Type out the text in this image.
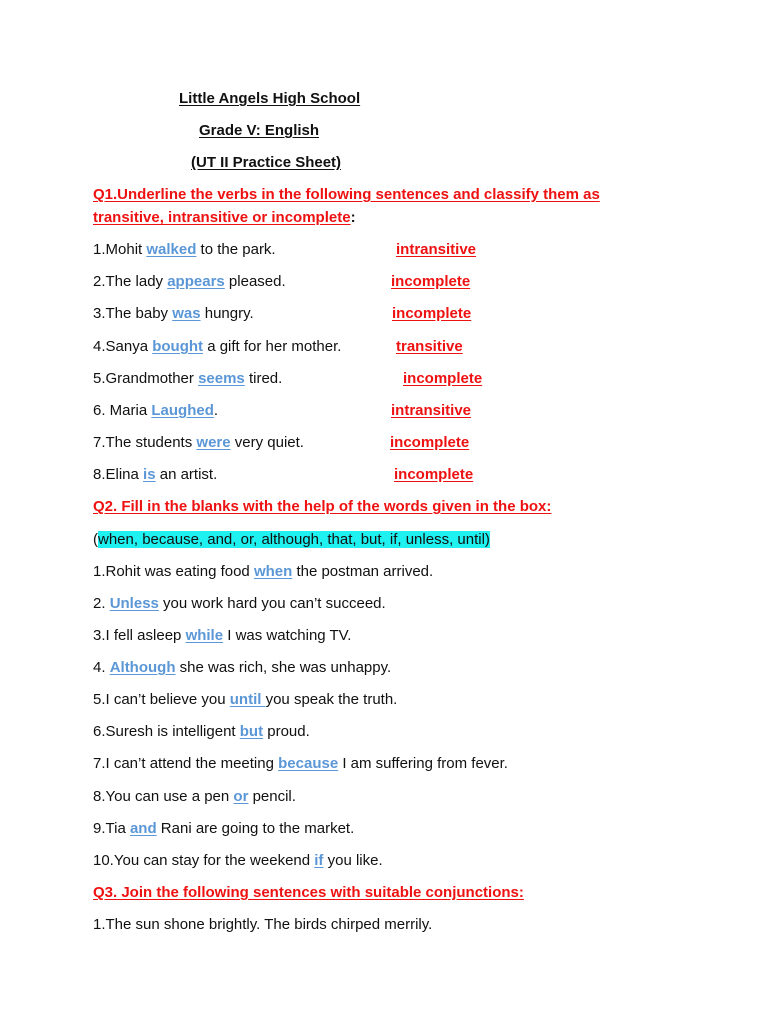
Little Angels High School
Grade V: English
(UT II Practice Sheet)
Q1.Underline the verbs in the following sentences and classify them as
transitive, intransitive or incomplete:
1.Mohit walked to the park.	intransitive
2.The lady appears pleased.	incomplete
3.The baby was hungry.	incomplete
4.Sanya bought a gift for her mother.	transitive
5.Grandmother seems tired.	incomplete
6. Maria Laughed.	intransitive
7.The students were very quiet.	incomplete
8.Elina is an artist.	incomplete
Q2. Fill in the blanks with the help of the words given in the box:
(when, because, and, or, although, that, but, if, unless, until)
1.Rohit was eating food when the postman arrived.
2. Unless you work hard you can’t succeed.
3.I fell asleep while I was watching TV.
4. Although she was rich, she was unhappy.
5.I can’t believe you until you speak the truth.
6.Suresh is intelligent but proud.
7.I can’t attend the meeting because I am suffering from fever.
8.You can use a pen or pencil.
9.Tia and Rani are going to the market.
10.You can stay for the weekend if you like.
Q3. Join the following sentences with suitable conjunctions:
1.The sun shone brightly. The birds chirped merrily.
